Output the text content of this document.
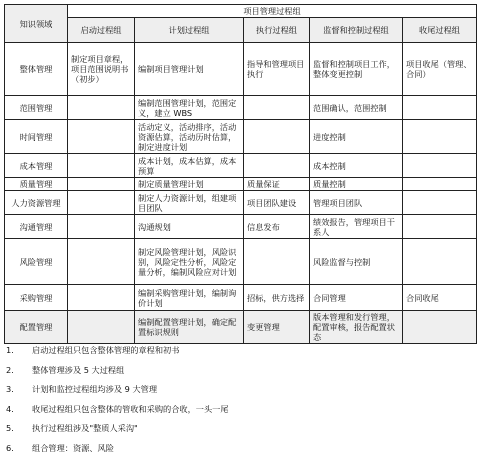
知识领域	项目管理过程组				
	启动过程组	计划过程组	执行过程组	监督和控制过程组	收尾过程组
整体管理	制定项目章程，项目范围说明书（初步）	编制项目管理计划	指导和管理项目执行	监督和控制项目工作，整体变更控制	项目收尾（管理、合同）
范围管理		编制范围管理计划，范围定义，建立 WBS		范围确认，范围控制	
时间管理		活动定义，活动排序，活动资源估算，活动历时估算，制定进度计划		进度控制	
成本管理		成本计划，成本估算，成本预算		成本控制	
质量管理		制定质量管理计划	质量保证	质量控制	
人力资源管理		制定人力资源计划，组建项目团队	项目团队建设	管理项目团队	
沟通管理		沟通规划	信息发布	绩效报告，管理项目干系人	
风险管理		制定风险管理计划，风险识别，风险定性分析，风险定量分析，编制风险应对计划		风险监督与控制	
采购管理		编制采购管理计划，编制询价计划	招标，供方选择	合同管理	合同收尾
配置管理		编制配置管理计划，确定配置标识规则	变更管理	版本管理和发行管理，配置审核，报告配置状态	
1.	启动过程组只包含整体管理的章程和初书
2.	整体管理涉及 5 大过程组
3.	计划和监控过程组均涉及 9 大管理
4.	收尾过程组只包含整体的管收和采购的合收，一头一尾
5.	执行过程组涉及"整质人采沟"
6.	组合管理：资源、风险
